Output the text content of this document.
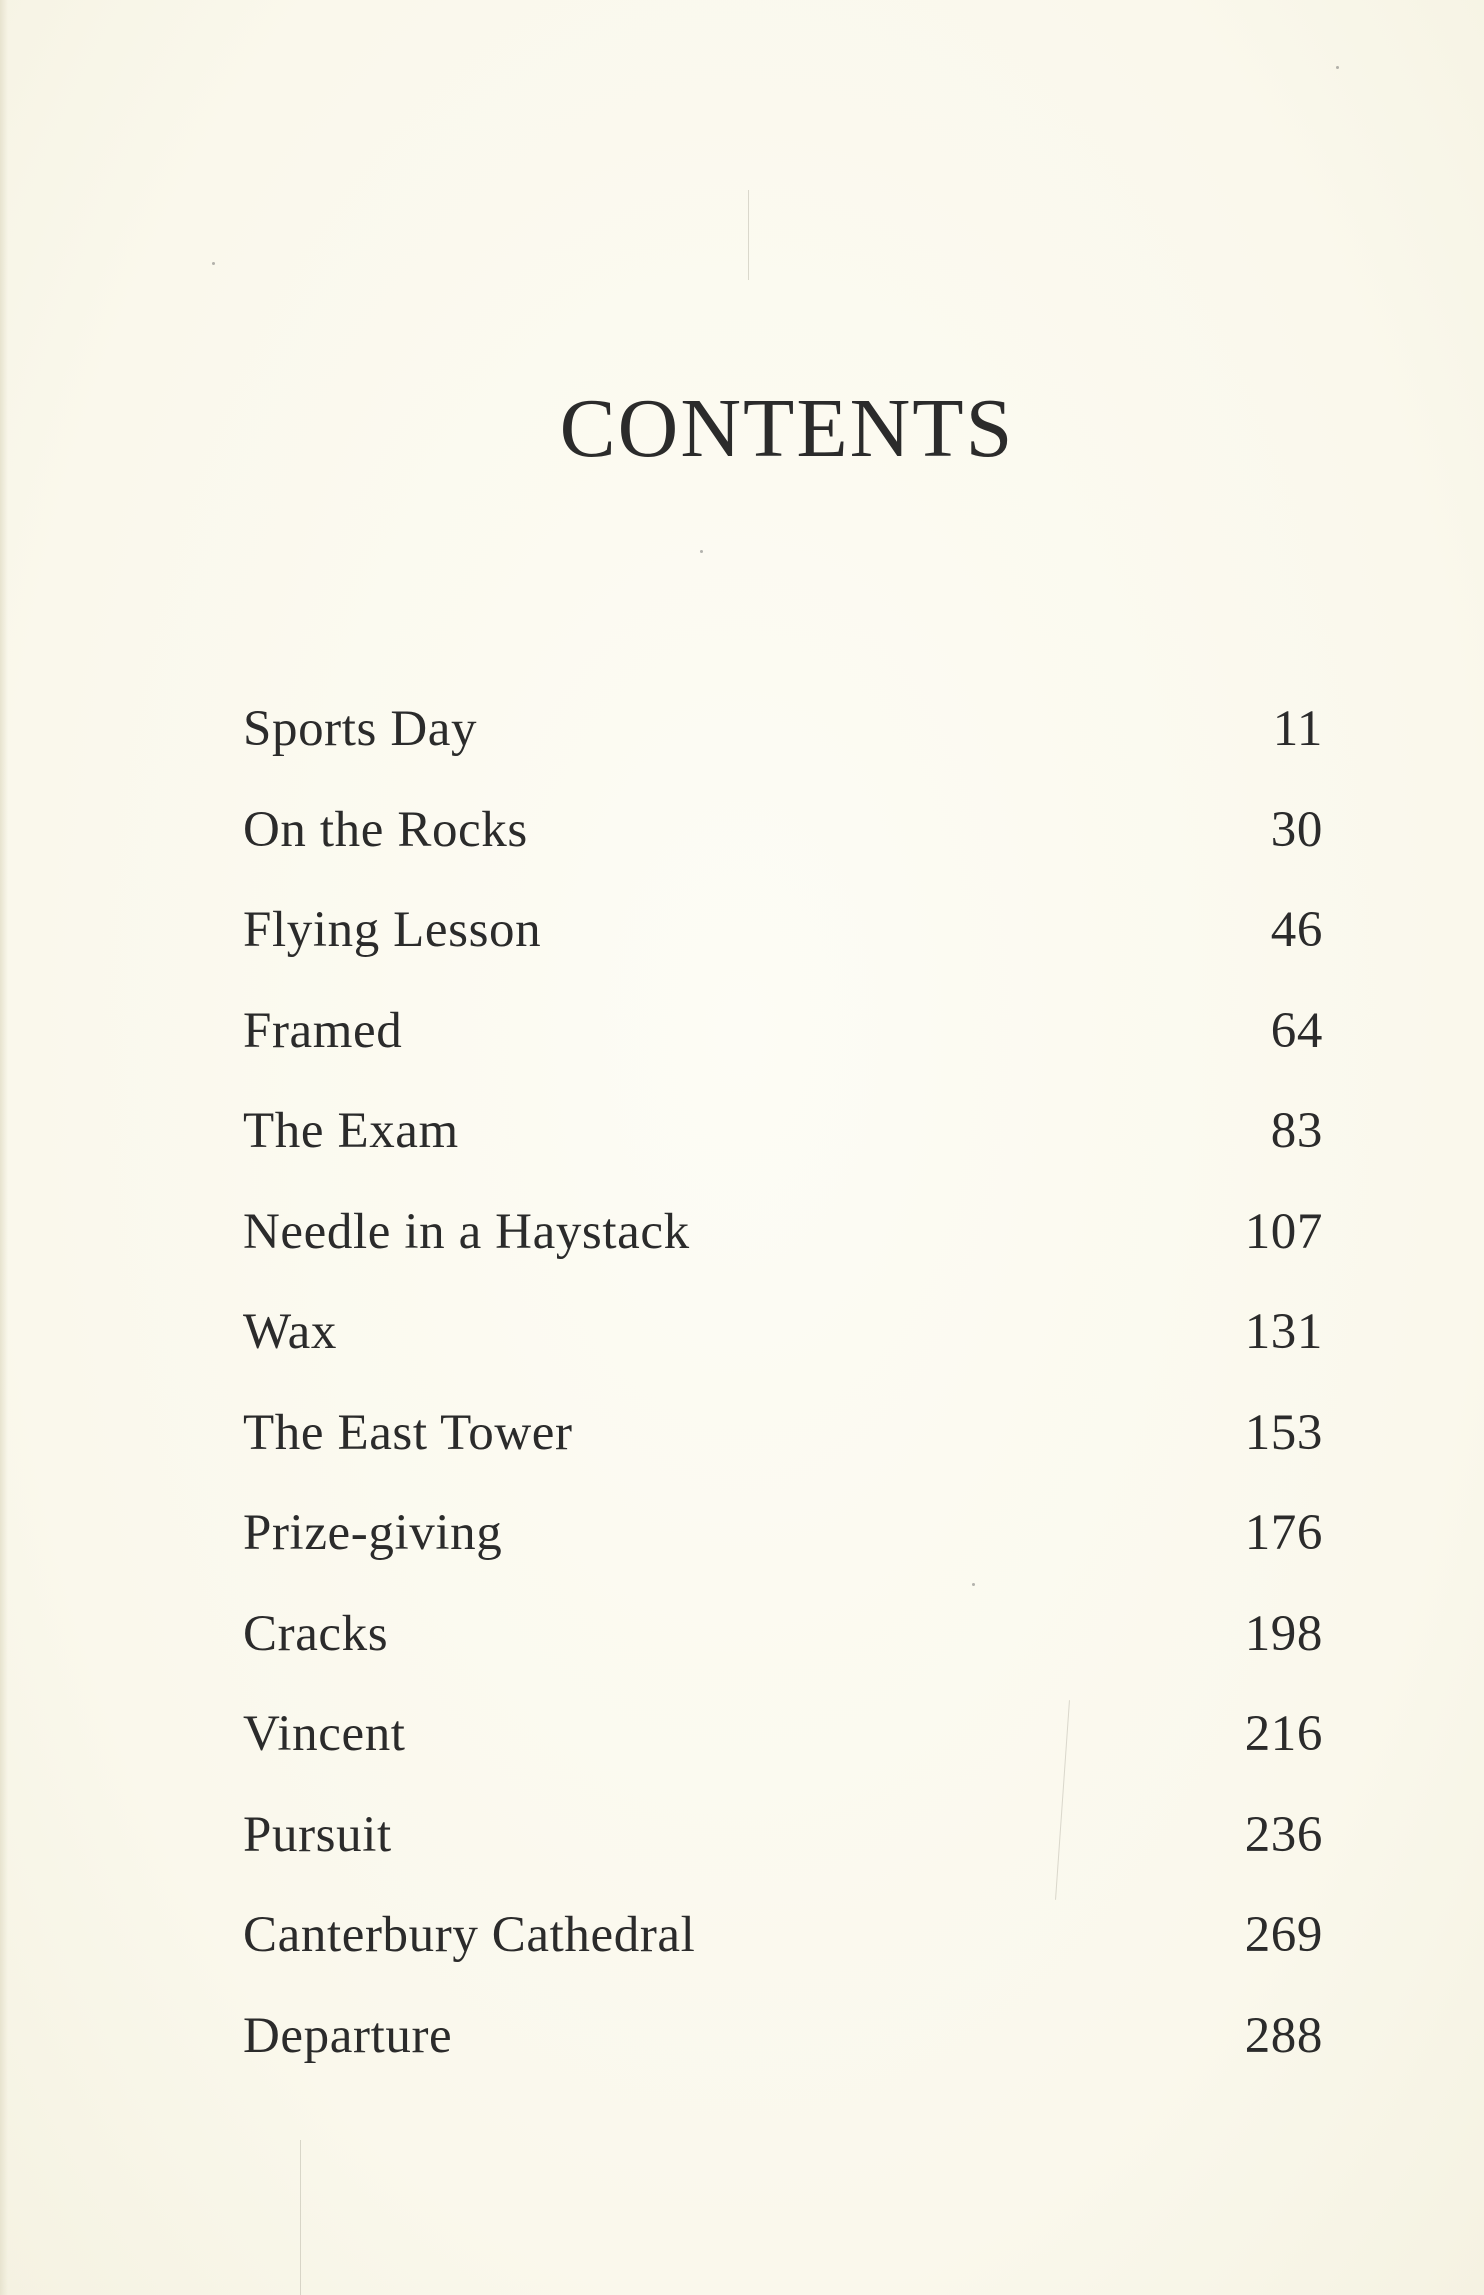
CONTENTS
Sports Day	11
On the Rocks	30
Flying Lesson	46
Framed	64
The Exam	83
Needle in a Haystack	107
Wax	131
The East Tower	153
Prize-giving	176
Cracks	198
Vincent	216
Pursuit	236
Canterbury Cathedral	269
Departure	288
